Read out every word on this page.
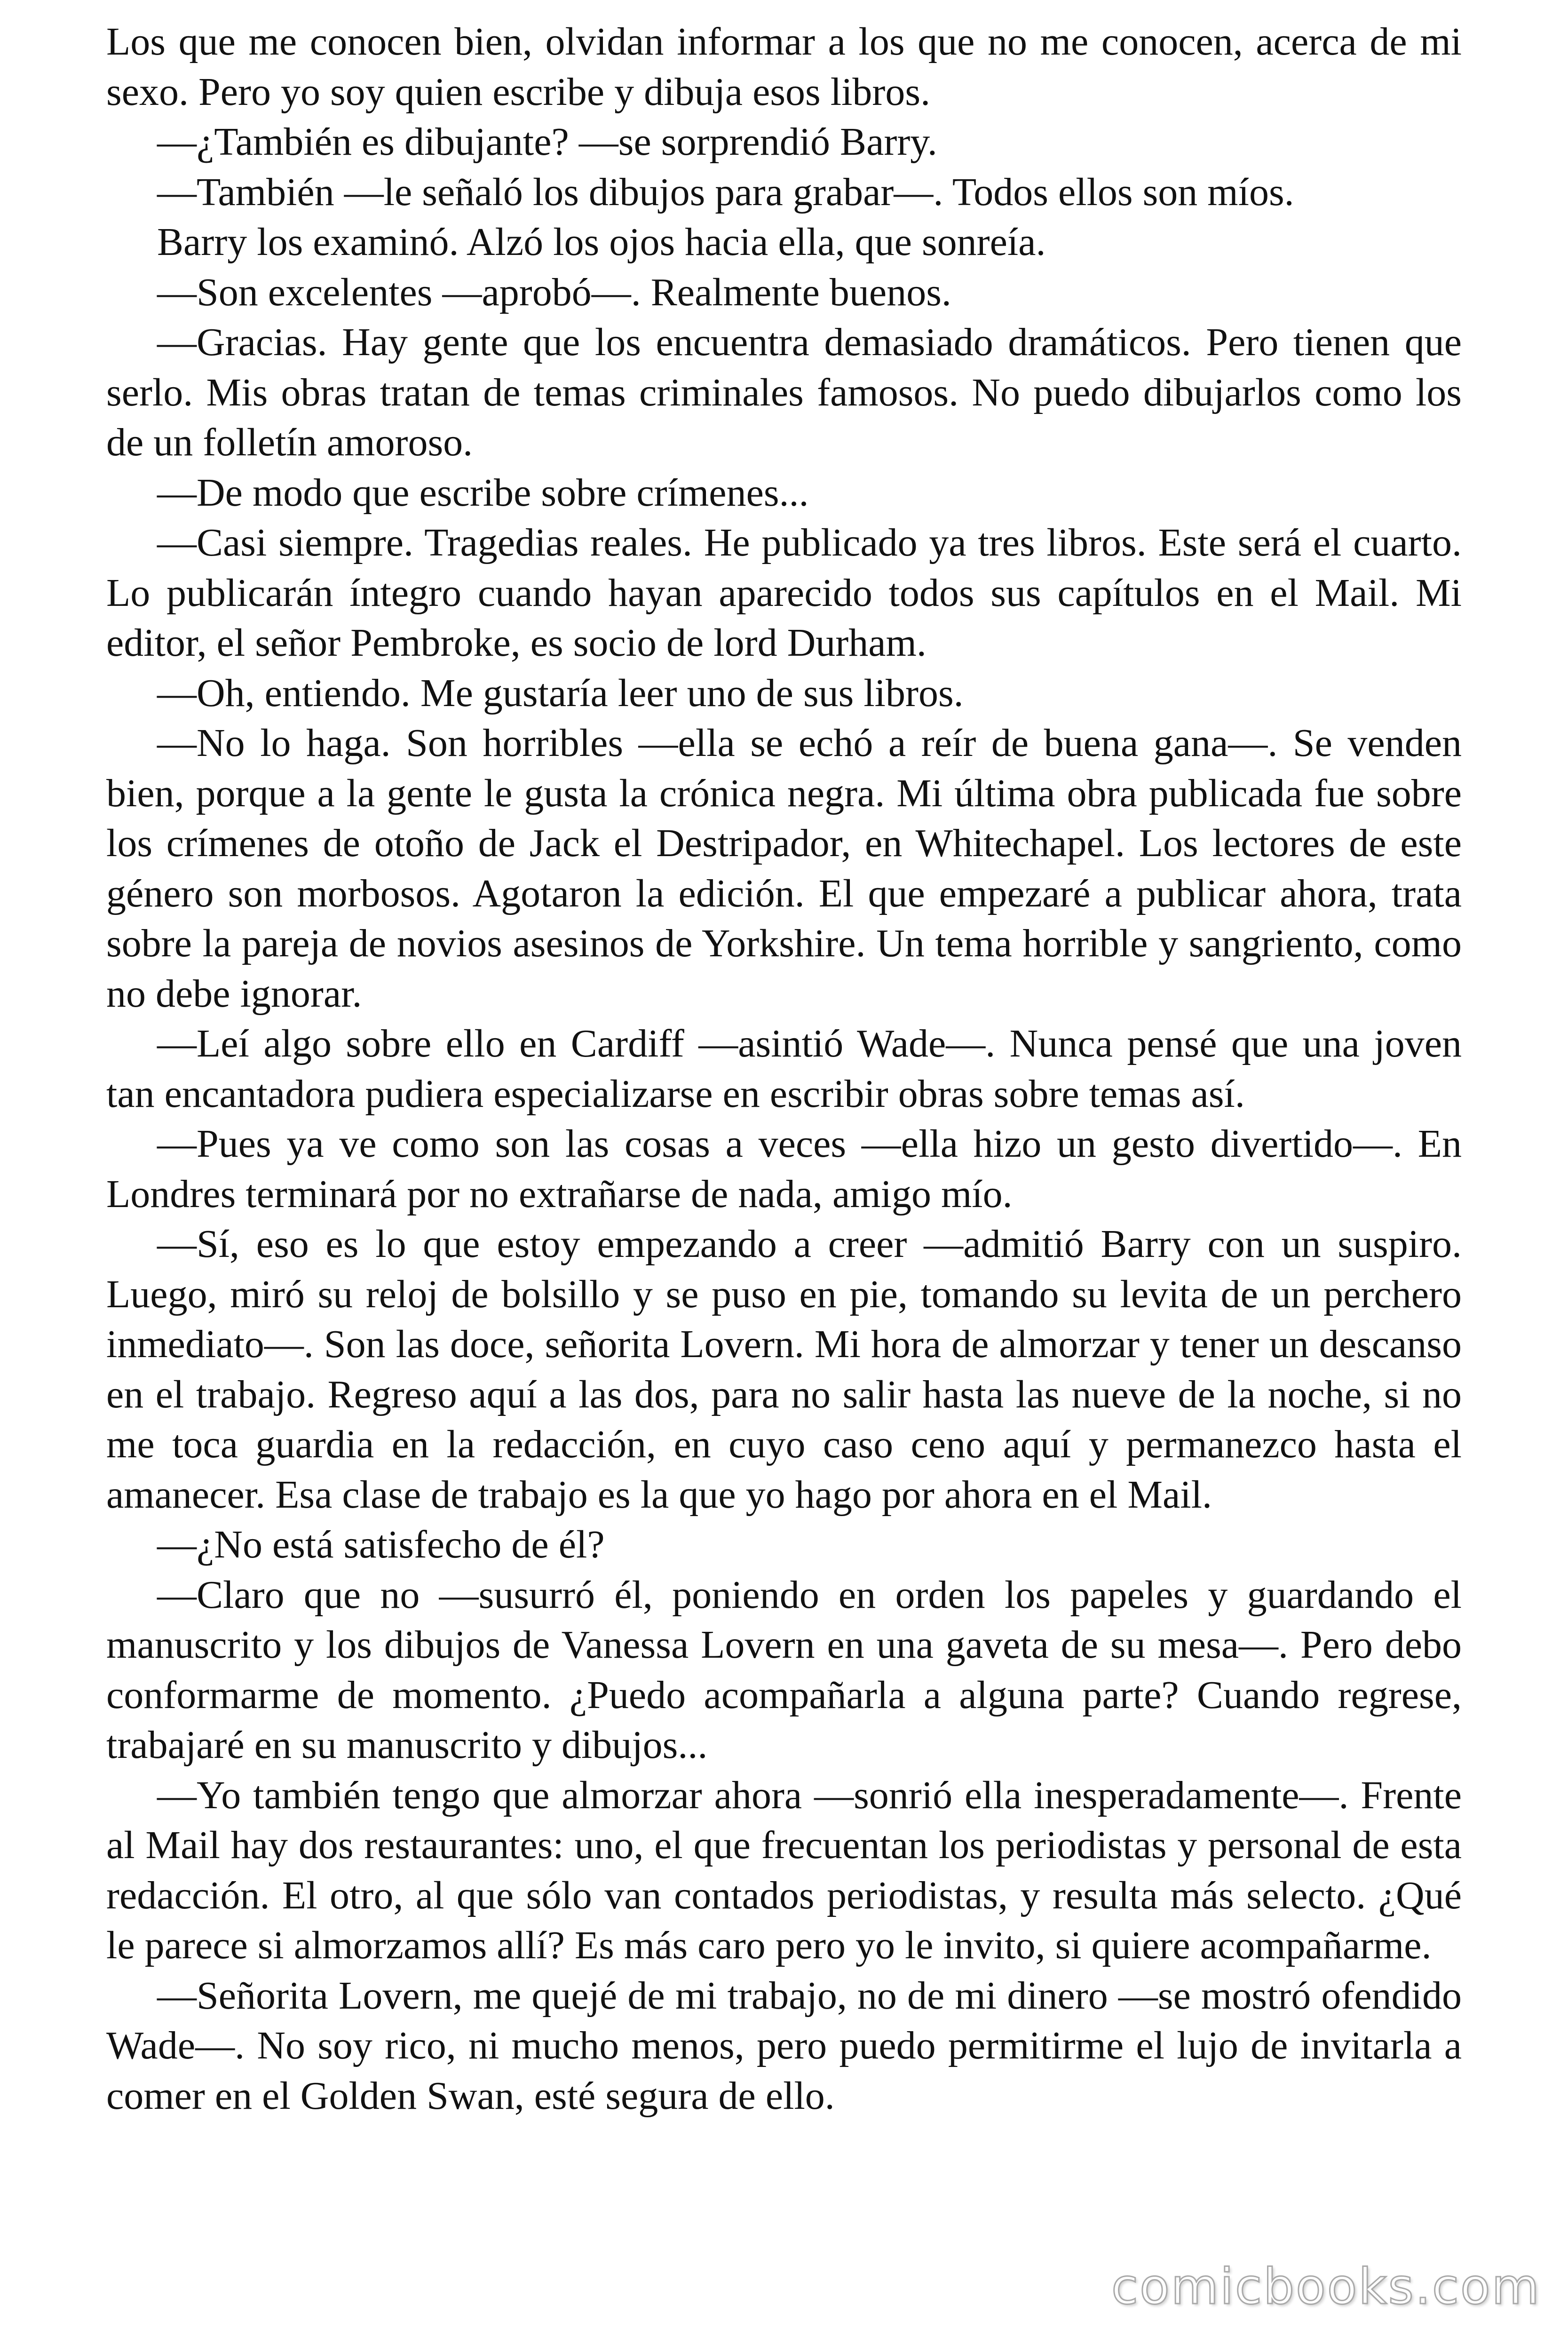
Los que me conocen bien, olvidan informar a los que no me conocen, acerca de mi sexo. Pero yo soy quien escribe y dibuja esos libros.

—¿También es dibujante? —se sorprendió Barry.

—También —le señaló los dibujos para grabar—. Todos ellos son míos.

Barry los examinó. Alzó los ojos hacia ella, que sonreía.

—Son excelentes —aprobó—. Realmente buenos.

—Gracias. Hay gente que los encuentra demasiado dramáticos. Pero tienen que serlo. Mis obras tratan de temas criminales famosos. No puedo dibujarlos como los de un folletín amoroso.

—De modo que escribe sobre crímenes...

—Casi siempre. Tragedias reales. He publicado ya tres libros. Este será el cuarto. Lo publicarán íntegro cuando hayan aparecido todos sus capítulos en el Mail. Mi editor, el señor Pembroke, es socio de lord Durham.

—Oh, entiendo. Me gustaría leer uno de sus libros.

—No lo haga. Son horribles —ella se echó a reír de buena gana—. Se venden bien, porque a la gente le gusta la crónica negra. Mi última obra publicada fue sobre los crímenes de otoño de Jack el Destripador, en Whitechapel. Los lectores de este género son morbosos. Agotaron la edición. El que empezaré a publicar ahora, trata sobre la pareja de novios asesinos de Yorkshire. Un tema horrible y sangriento, como no debe ignorar.

—Leí algo sobre ello en Cardiff —asintió Wade—. Nunca pensé que una joven tan encantadora pudiera especializarse en escribir obras sobre temas así.

—Pues ya ve como son las cosas a veces —ella hizo un gesto divertido—. En Londres terminará por no extrañarse de nada, amigo mío.

—Sí, eso es lo que estoy empezando a creer —admitió Barry con un suspiro. Luego, miró su reloj de bolsillo y se puso en pie, tomando su levita de un perchero inmediato—. Son las doce, señorita Lovern. Mi hora de almorzar y tener un descanso en el trabajo. Regreso aquí a las dos, para no salir hasta las nueve de la noche, si no me toca guardia en la redacción, en cuyo caso ceno aquí y permanezco hasta el amanecer. Esa clase de trabajo es la que yo hago por ahora en el Mail.

—¿No está satisfecho de él?

—Claro que no —susurró él, poniendo en orden los papeles y guardando el manuscrito y los dibujos de Vanessa Lovern en una gaveta de su mesa—. Pero debo conformarme de momento. ¿Puedo acompañarla a alguna parte? Cuando regrese, trabajaré en su manuscrito y dibujos...

—Yo también tengo que almorzar ahora —sonrió ella inesperadamente—. Frente al Mail hay dos restaurantes: uno, el que frecuentan los periodistas y personal de esta redacción. El otro, al que sólo van contados periodistas, y resulta más selecto. ¿Qué le parece si almorzamos allí? Es más caro pero yo le invito, si quiere acompañarme.

—Señorita Lovern, me quejé de mi trabajo, no de mi dinero —se mostró ofendido Wade—. No soy rico, ni mucho menos, pero puedo permitirme el lujo de invitarla a comer en el Golden Swan, esté segura de ello.

comicbooks.com
